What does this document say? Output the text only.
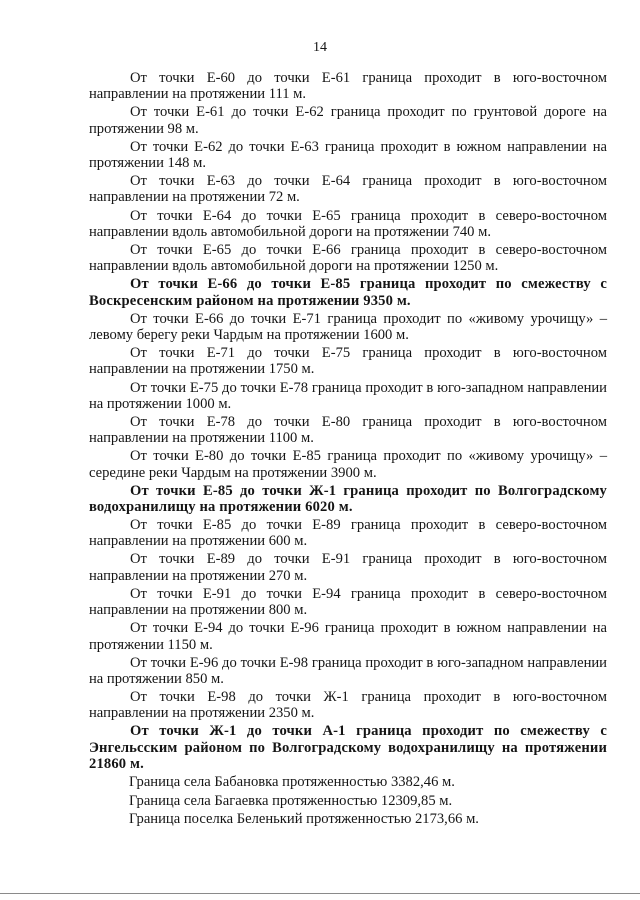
14

От точки Е-60 до точки Е-61 граница проходит в юго-восточном направлении на протяжении 111 м.

От точки Е-61 до точки Е-62 граница проходит по грунтовой дороге на протяжении 98 м.

От точки Е-62 до точки Е-63 граница проходит в южном направлении на протяжении 148 м.

От точки Е-63 до точки Е-64 граница проходит в юго-восточном направлении на протяжении 72 м.

От точки Е-64 до точки Е-65 граница проходит в северо-восточном направлении вдоль автомобильной дороги на протяжении 740 м.

От точки Е-65 до точки Е-66 граница проходит в северо-восточном направлении вдоль автомобильной дороги на протяжении 1250 м.

От точки Е-66 до точки Е-85 граница проходит по смежеству с Воскресенским районом на протяжении 9350 м.

От точки Е-66 до точки Е-71 граница проходит по «живому урочищу» – левому берегу реки Чардым на протяжении 1600 м.

От точки Е-71 до точки Е-75 граница проходит в юго-восточном направлении на протяжении 1750 м.

От точки Е-75 до точки Е-78 граница проходит в юго-западном направлении на протяжении 1000 м.

От точки Е-78 до точки Е-80 граница проходит в юго-восточном направлении на протяжении 1100 м.

От точки Е-80 до точки Е-85 граница проходит по «живому урочищу» – середине реки Чардым на протяжении 3900 м.

От точки Е-85 до точки Ж-1 граница проходит по Волгоградскому водохранилищу на протяжении 6020 м.

От точки Е-85 до точки Е-89 граница проходит в северо-восточном направлении на протяжении 600 м.

От точки Е-89 до точки Е-91 граница проходит в юго-восточном направлении на протяжении 270 м.

От точки Е-91 до точки Е-94 граница проходит в северо-восточном направлении на протяжении 800 м.

От точки Е-94 до точки Е-96 граница проходит в южном направлении на протяжении 1150 м.

От точки Е-96 до точки Е-98 граница проходит в юго-западном направлении на протяжении 850 м.

От точки Е-98 до точки Ж-1 граница проходит в юго-восточном направлении на протяжении 2350 м.

От точки Ж-1 до точки А-1 граница проходит по смежеству с Энгельсским районом по Волгоградскому водохранилищу на протяжении 21860 м.

Граница села Бабановка протяженностью 3382,46 м.

Граница села Багаевка протяженностью 12309,85 м.

Граница поселка Беленький протяженностью 2173,66 м.
